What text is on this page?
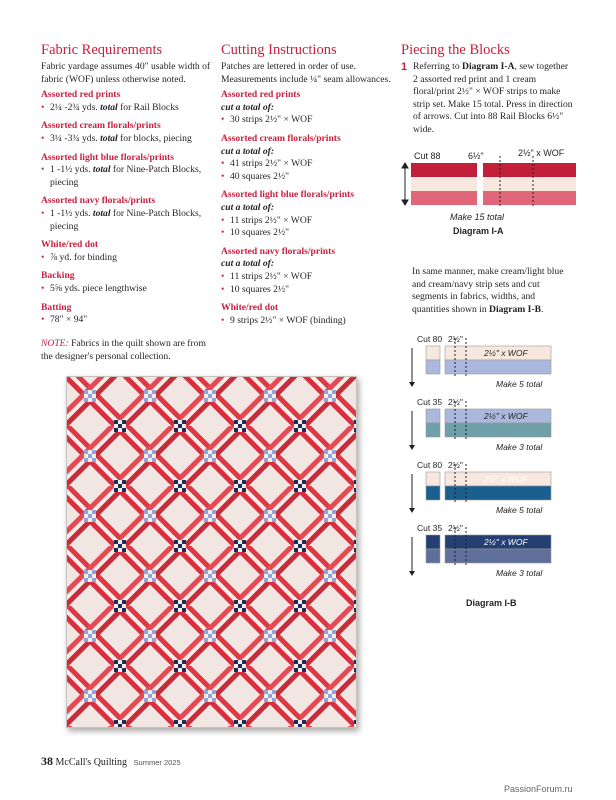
Fabric Requirements
Fabric yardage assumes 40" usable width of fabric (WOF) unless otherwise noted.
Assorted red prints
• 2¼ -2¾ yds. total for Rail Blocks
Assorted cream florals/prints
• 3¼ -3¾ yds. total for blocks, piecing
Assorted light blue florals/prints
• 1 -1½ yds. total for Nine-Patch Blocks, piecing
Assorted navy florals/prints
• 1 -1½ yds. total for Nine-Patch Blocks, piecing
White/red dot
• ⅞ yd. for binding
Backing
• 5⅝ yds. piece lengthwise
Batting
• 78" × 94"
NOTE: Fabrics in the quilt shown are from the designer's personal collection.
Cutting Instructions
Patches are lettered in order of use. Measurements include ¼" seam allowances.
Assorted red prints
cut a total of:
• 30 strips 2½" × WOF
Assorted cream florals/prints
cut a total of:
• 41 strips 2½" × WOF
• 40 squares 2½"
Assorted light blue florals/prints
cut a total of:
• 11 strips 2½" × WOF
• 10 squares 2½"
Assorted navy florals/prints
cut a total of:
• 11 strips 2½" × WOF
• 10 squares 2½"
White/red dot
• 9 strips 2½" × WOF (binding)
Piecing the Blocks
1 Referring to Diagram I-A, sew together 2 assorted red print and 1 cream floral/print 2½" × WOF strips to make strip set. Make 15 total. Press in direction of arrows. Cut into 88 Rail Blocks 6½" wide.
Cut 88	6½"	2½" x WOF
Make 15 total
Diagram I-A
In same manner, make cream/light blue and cream/navy strip sets and cut segments in fabrics, widths, and quantities shown in Diagram I-B.
Cut 80 2½"
2½" x WOF
Make 5 total
Cut 35 2½"
2½" x WOF
Make 3 total
Cut 80 2½"
2½" x WOF
Make 5 total
Cut 35 2½"
2½" x WOF
Make 3 total
Diagram I-B
38 McCall's Quilting Summer 2025
PassionForum.ru
